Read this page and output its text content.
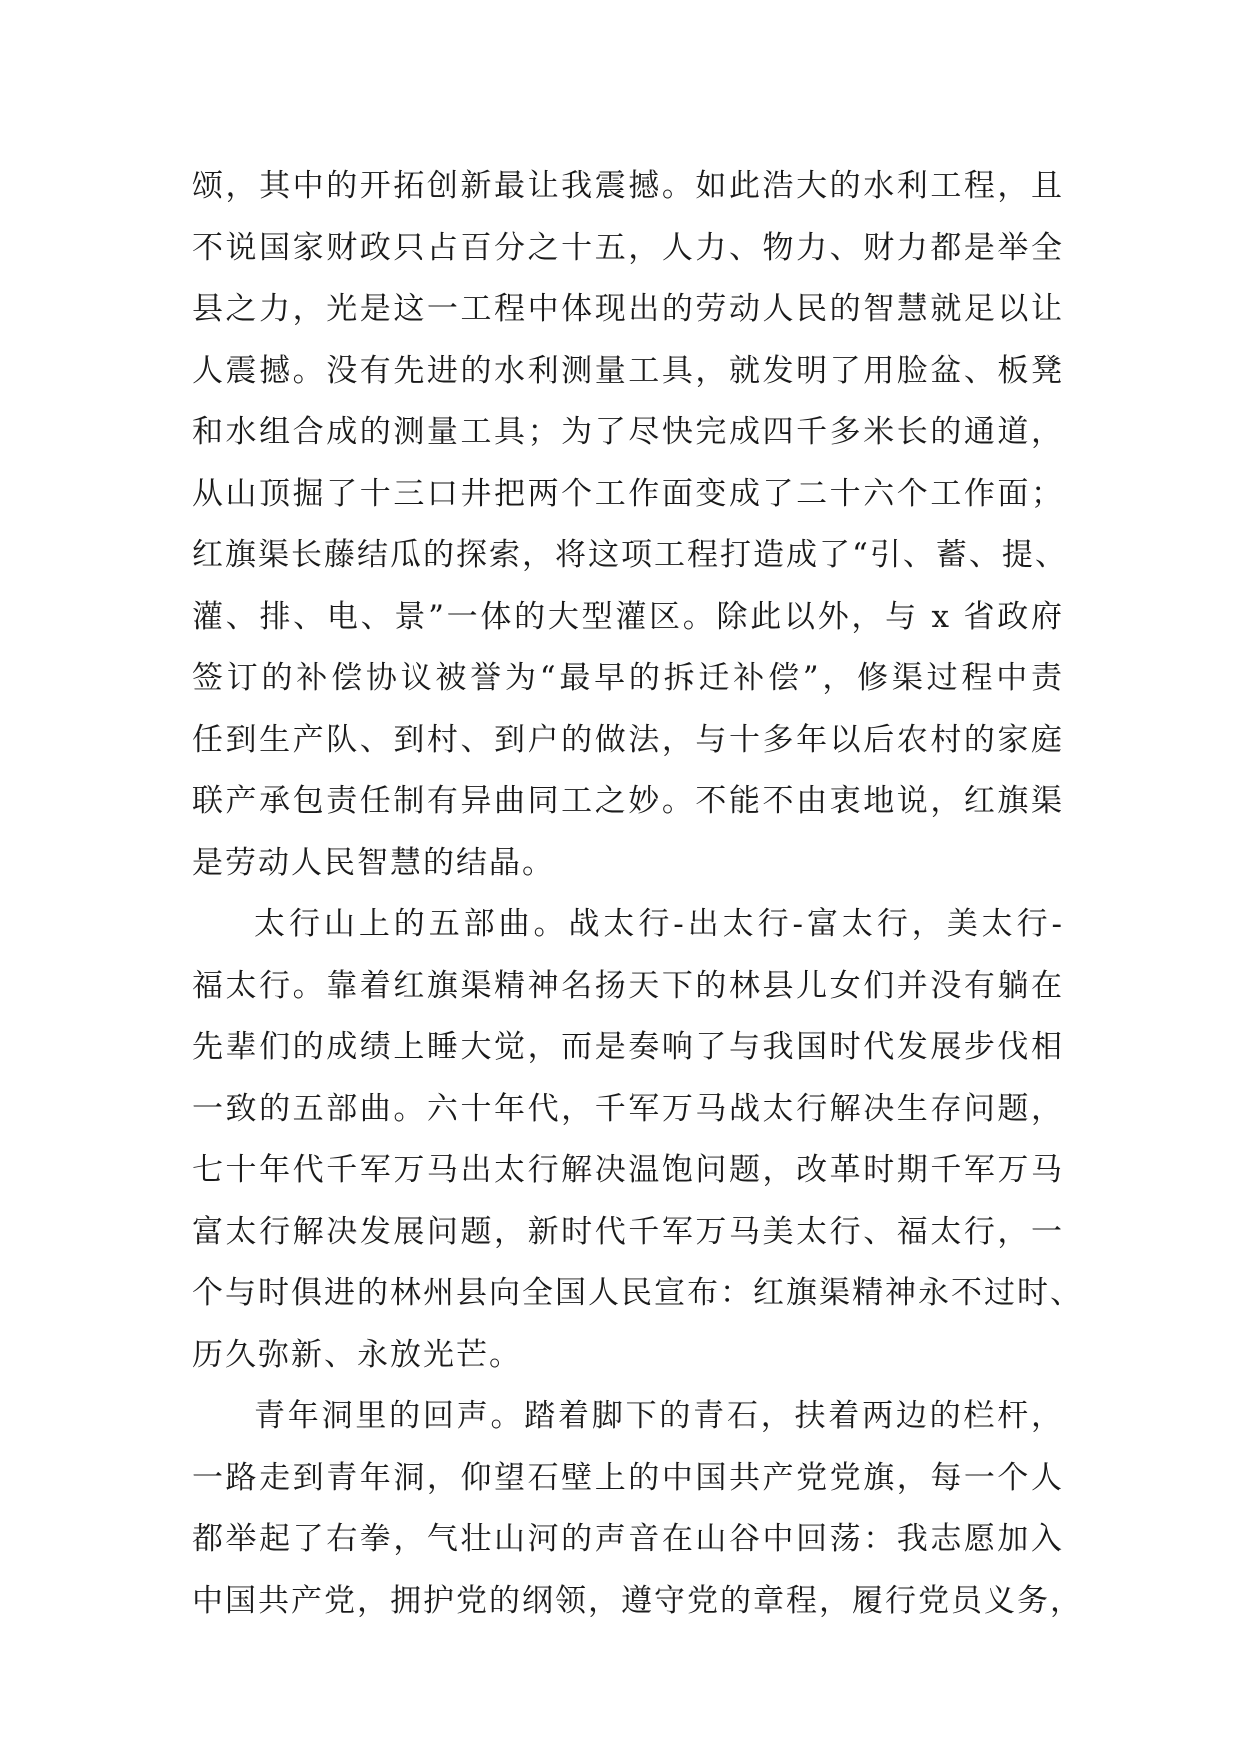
颂，其中的开拓创新最让我震撼。如此浩大的水利工程，且
不说国家财政只占百分之十五，人力、物力、财力都是举全
县之力，光是这一工程中体现出的劳动人民的智慧就足以让
人震撼。没有先进的水利测量工具，就发明了用脸盆、板凳
和水组合成的测量工具；为了尽快完成四千多米长的通道，
从山顶掘了十三口井把两个工作面变成了二十六个工作面；
红旗渠长藤结瓜的探索，将这项工程打造成了“引、蓄、提、
灌、排、电、景”一体的大型灌区。除此以外，与 x 省政府
签订的补偿协议被誉为“最早的拆迁补偿”，修渠过程中责
任到生产队、到村、到户的做法，与十多年以后农村的家庭
联产承包责任制有异曲同工之妙。不能不由衷地说，红旗渠
是劳动人民智慧的结晶。
太行山上的五部曲。战太行-出太行-富太行，美太行-
福太行。靠着红旗渠精神名扬天下的林县儿女们并没有躺在
先辈们的成绩上睡大觉，而是奏响了与我国时代发展步伐相
一致的五部曲。六十年代，千军万马战太行解决生存问题，
七十年代千军万马出太行解决温饱问题，改革时期千军万马
富太行解决发展问题，新时代千军万马美太行、福太行，一
个与时俱进的林州县向全国人民宣布：红旗渠精神永不过时、
历久弥新、永放光芒。
青年洞里的回声。踏着脚下的青石，扶着两边的栏杆，
一路走到青年洞，仰望石壁上的中国共产党党旗，每一个人
都举起了右拳，气壮山河的声音在山谷中回荡：我志愿加入
中国共产党，拥护党的纲领，遵守党的章程，履行党员义务，
